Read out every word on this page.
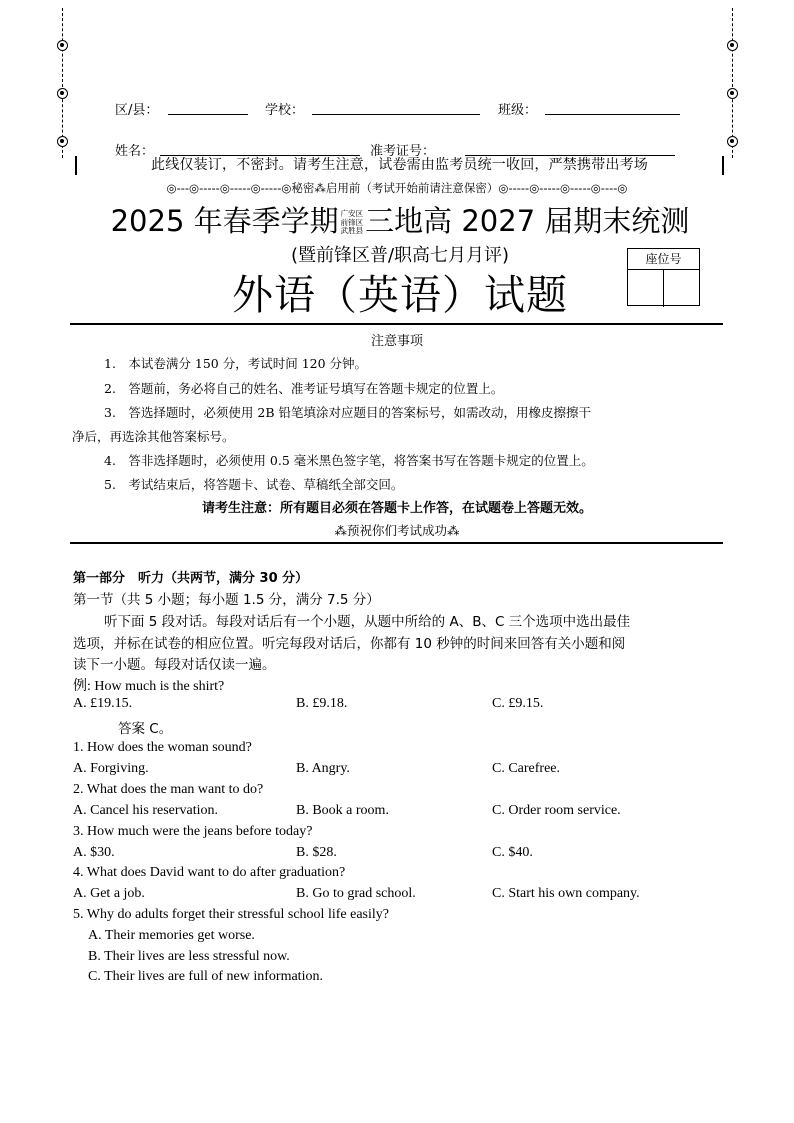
区/县：	学校：	班级：
姓名：	准考证号：
此线仅装订，不密封。请考生注意，试卷需由监考员统一收回，严禁携带出考场
◎---◎-----◎-----◎-----◎秘密⁂启用前（考试开始前请注意保密）◎-----◎-----◎-----◎----◎
2025 年春季学期 广安区
前锋区
武胜县三地高 2027 届期末统测
(暨前锋区普/职高七月月评)
外语（英语）试题
座位号
注意事项
1.　本试卷满分 150 分，考试时间 120 分钟。
2.　答题前，务必将自己的姓名、准考证号填写在答题卡规定的位置上。
3.　答选择题时，必须使用 2B 铅笔填涂对应题目的答案标号，如需改动，用橡皮擦擦干
净后，再选涂其他答案标号。
4.　答非选择题时，必须使用 0.5 毫米黑色签字笔，将答案书写在答题卡规定的位置上。
5.　考试结束后，将答题卡、试卷、草稿纸全部交回。
请考生注意：所有题目必须在答题卡上作答，在试题卷上答题无效。
⁂预祝你们考试成功⁂
第一部分　听力（共两节，满分 30 分）
第一节（共 5 小题；每小题 1.5 分，满分 7.5 分）
听下面 5 段对话。每段对话后有一个小题，从题中所给的 A、B、C 三个选项中选出最佳
选项，并标在试卷的相应位置。听完每段对话后，你都有 10 秒钟的时间来回答有关小题和阅
读下一小题。每段对话仅读一遍。
例: How much is the shirt?
A. £19.15.	B. £9.18.	C. £9.15.
答案 C。
1. How does the woman sound?
A. Forgiving.	B. Angry.	C. Carefree.
2. What does the man want to do?
A. Cancel his reservation.	B. Book a room.	C. Order room service.
3. How much were the jeans before today?
A. $30.	B. $28.	C. $40.
4. What does David want to do after graduation?
A. Get a job.	B. Go to grad school.	C. Start his own company.
5. Why do adults forget their stressful school life easily?
A. Their memories get worse.
B. Their lives are less stressful now.
C. Their lives are full of new information.
